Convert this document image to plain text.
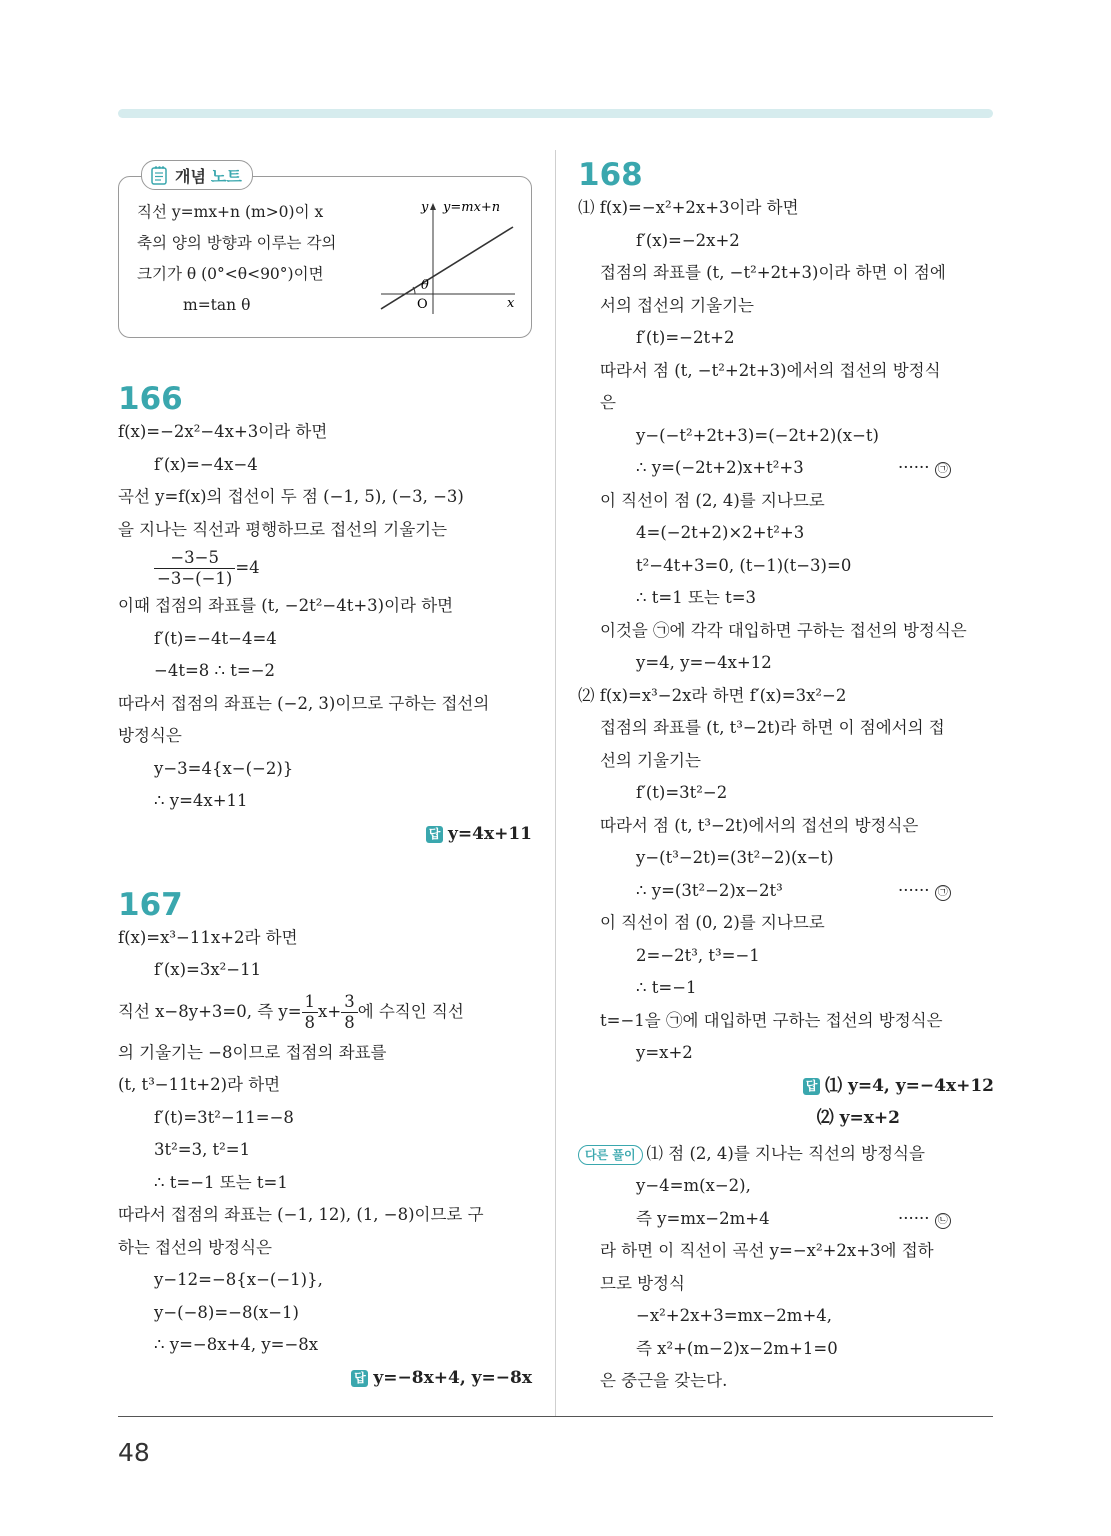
개념 노트
직선 y=mx+n (m>0)이 x
축의 양의 방향과 이루는 각의
크기가 θ (0°<θ<90°)이면
m=tan θ
y y=mx+n
θ
O	x
166
f(x)=−2x²−4x+3이라 하면
f′(x)=−4x−4
곡선 y=f(x)의 접선이 두 점 (−1, 5), (−3, −3)
을 지나는 직선과 평행하므로 접선의 기울기는
$\frac{-3-5}{-3-(-1)} =4$
이때 접점의 좌표를 (t, −2t²−4t+3)이라 하면
f′(t)=−4t−4=4
−4t=8 ∴ t=−2
따라서 접점의 좌표는 (−2, 3)이므로 구하는 접선의
방정식은
y−3=4{x−(−2)}
∴ y=4x+11
답 y=4x+11
167
f(x)=x³−11x+2라 하면
f′(x)=3x²−11
직선 x−8y+3=0, 즉 $y= \frac{1}{8} x+ \frac{3}{8}$ 에 수직인 직선
의 기울기는 −8이므로 접점의 좌표를
(t, t³−11t+2)라 하면
f′(t)=3t²−11=−8
3t²=3, t²=1
∴ t=−1 또는 t=1
따라서 접점의 좌표는 (−1, 12), (1, −8)이므로 구
하는 접선의 방정식은
y−12=−8{x−(−1)},
y−(−8)=−8(x−1)
∴ y=−8x+4, y=−8x
답 y=−8x+4, y=−8x
168
⑴ f(x)=−x²+2x+3이라 하면
f′(x)=−2x+2
접점의 좌표를 (t, −t²+2t+3)이라 하면 이 점에
서의 접선의 기울기는
f′(t)=−2t+2
따라서 점 (t, −t²+2t+3)에서의 접선의 방정식
은
y−(−t²+2t+3)=(−2t+2)(x−t)
∴ y=(−2t+2)x+t²+3	······ ㉠
이 직선이 점 (2, 4)를 지나므로
4=(−2t+2)×2+t²+3
t²−4t+3=0, (t−1)(t−3)=0
∴ t=1 또는 t=3
이것을 ㉠에 각각 대입하면 구하는 접선의 방정식은
y=4, y=−4x+12
⑵ f(x)=x³−2x라 하면 f′(x)=3x²−2
접점의 좌표를 (t, t³−2t)라 하면 이 점에서의 접
선의 기울기는
f′(t)=3t²−2
따라서 점 (t, t³−2t)에서의 접선의 방정식은
y−(t³−2t)=(3t²−2)(x−t)
∴ y=(3t²−2)x−2t³	······ ㉠
이 직선이 점 (0, 2)를 지나므로
2=−2t³, t³=−1
∴ t=−1
t=−1을 ㉠에 대입하면 구하는 접선의 방정식은
y=x+2
답 ⑴ y=4, y=−4x+12
⑵ y=x+2
다른 풀이 ⑴ 점 (2, 4)를 지나는 직선의 방정식을
y−4=m(x−2),
즉 y=mx−2m+4	······ ㉡
라 하면 이 직선이 곡선 y=−x²+2x+3에 접하
므로 방정식
−x²+2x+3=mx−2m+4,
즉 x²+(m−2)x−2m+1=0
은 중근을 갖는다.
48
